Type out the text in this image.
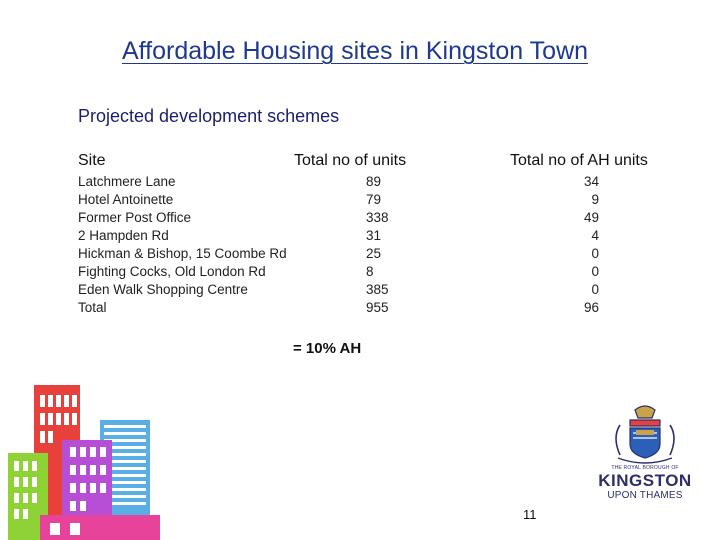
Affordable Housing sites in Kingston Town
Projected development schemes
Site	Total no of units	Total no of AH units
Latchmere Lane
Hotel Antoinette
Former Post Office
2 Hampden Rd
Hickman & Bishop, 15 Coombe Rd
Fighting Cocks, Old London Rd
Eden Walk Shopping Centre
Total
89
79
338
31
25
8
385
955
34
9
49
4
0
0
0
96
= 10% AH
THE ROYAL BOROUGH OF
KINGSTON
UPON THAMES
11
